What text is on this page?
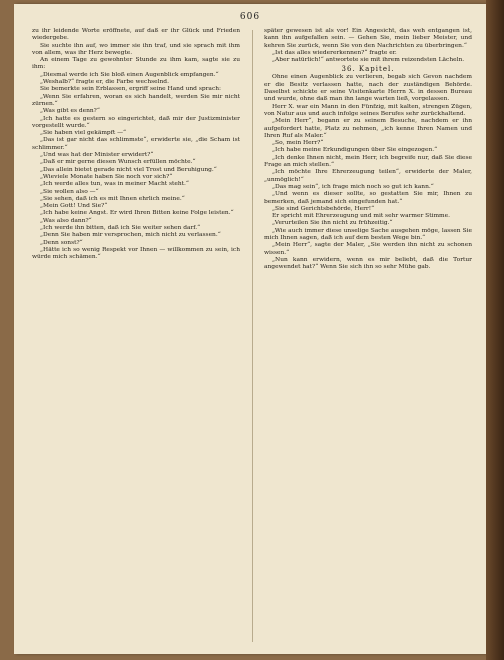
606

zu ihr leidende Worte eröffnete, auf daß er ihr Glück und Frieden wiedergebe.

Sie suchte ihn auf, wo immer sie ihn traf, und sie sprach mit ihm von allem, was ihr Herz bewegte.

An einem Tage zu gewohnter Stunde zu ihm kam, sagte sie zu ihm:

„Diesmal werde ich Sie bloß einen Augenblick empfangen.“

„Weshalb?“ fragte er, die Farbe wechselnd.

Sie bemerkte sein Erblassen, ergriff seine Hand und sprach:

„Wenn Sie erfahren, woran es sich handelt, werden Sie mir nicht zürnen.“

„Was gibt es denn?“

„Ich hatte es gestern so eingerichtet, daß mir der Justizminister vorgestellt wurde.“

„Sie haben viel gekämpft —“

„Das ist gar nicht das schlimmste“, erwiderte sie, „die Scham ist schlimmer.“

„Und was hat der Minister erwidert?“

„Daß er mir gerne diesen Wunsch erfüllen möchte.“

„Das allein bietet gerade nicht viel Trost und Beruhigung.“

„Wieviele Monate haben Sie noch vor sich?“

„Ich werde alles tun, was in meiner Macht steht.“

„Sie wollen also —“

„Sie sehen, daß ich es mit Ihnen ehrlich meine.“

„Mein Gott! Und Sie?“

„Ich habe keine Angst. Er wird Ihren Bitten keine Folge leisten.“

„Was also dann?“

„Ich werde ihn bitten, daß ich Sie weiter sehen darf.“

„Denn Sie haben mir versprochen, mich nicht zu verlassen.“

„Denn sonst?“

„Hätte ich so wenig Respekt vor Ihnen — willkommen zu sein, ich würde mich schämen.“

später gewesen ist als vor! Ein Angesicht, das weh entgangen ist, kann ihn aufgefallen sein. — Gehen Sie, mein lieber Meister, und kehren Sie zurück, wenn Sie von den Nachrichten zu überbringen.“

„Ist das alles wiedererkennen?“ fragte er.

„Aber natürlich!“ antwortete sie mit ihrem reizendsten Lächeln.

36. Kapitel.

Ohne einen Augenblick zu verlieren, begab sich Gevon nachdem er die Besitz verlassen hatte, nach der zuständigen Behörde. Daselbst schickte er seine Visitenkarte Herrn X. in dessen Bureau und wurde, ohne daß man ihn lange warten ließ, vorgelassen.

Herr X. war ein Mann in den Fünfzig, mit kalten, strengen Zügen, von Natur aus und auch infolge seines Berufes sehr zurückhaltend.

„Mein Herr“, begann er zu seinem Besuche, nachdem er ihn aufgefordert hatte, Platz zu nehmen, „ich kenne Ihren Namen und Ihren Ruf als Maler.“

„So, mein Herr?“

„Ich habe meine Erkundigungen über Sie eingezogen.“

„Ich denke Ihnen nicht, mein Herr, ich begreife nur, daß Sie diese Frage an mich stellen.“

„Ich möchte Ihre Ehrerzeugung teilen“, erwiderte der Maler, „unmöglich!“

„Das mag sein“, ich frage mich noch so gut ich kann.“

„Und wenn es dieser sollte, so gestatten Sie mir, Ihnen zu bemerken, daß jemand sich eingefunden hat.“

„Sie sind Gerichtsbehörde, Herr!“

Er spricht mit Ehrerzeugung und mit sehr warmer Stimme.

„Verurteilen Sie ihn nicht zu frühzeitig.“

„Wie auch immer diese unselige Sache ausgehen möge, lassen Sie mich Ihnen sagen, daß ich auf dem besten Wege bin.“

„Mein Herr“, sagte der Maler, „Sie werden ihn nicht zu schonen wissen.“

„Nun kann erwidern, wenn es mir beliebt, daß die Tortur angewendet hat?“ Wenn Sie sich ihn so sehr Mühe gab.
